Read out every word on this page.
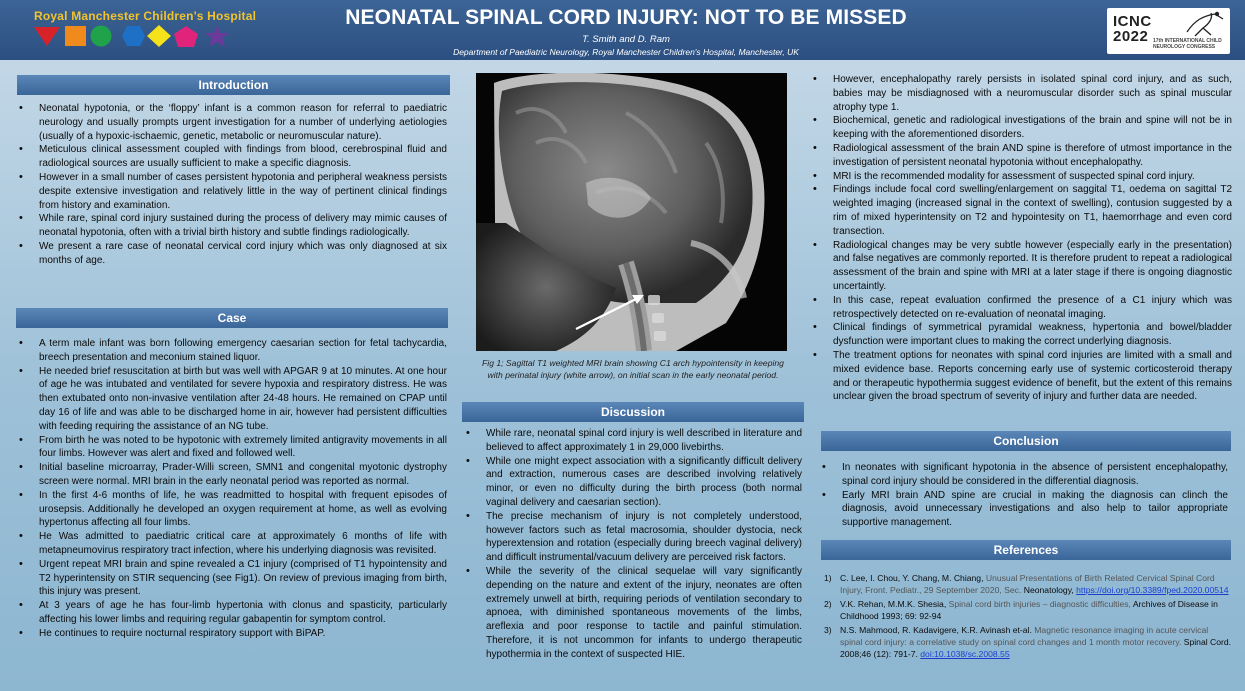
Royal Manchester Children's Hospital	NEONATAL SPINAL CORD INJURY: NOT TO BE MISSED
T. Smith and D. Ram
Department of Paediatric Neurology, Royal Manchester Children's Hospital, Manchester, UK
ICNC
2022 17th INTERNATIONAL CHILD NEUROLOGY CONGRESS
Introduction
• Neonatal hypotonia, or the ‘floppy’ infant is a common reason for referral to paediatric neurology and usually prompts urgent investigation for a number of underlying aetiologies (usually of a hypoxic-ischaemic, genetic, metabolic or neuromuscular nature).
• Meticulous clinical assessment coupled with findings from blood, cerebrospinal fluid and radiological sources are usually sufficient to make a specific diagnosis.
• However in a small number of cases persistent hypotonia and peripheral weakness persists despite extensive investigation and relatively little in the way of pertinent clinical findings from history and examination.
• While rare, spinal cord injury sustained during the process of delivery may mimic causes of neonatal hypotonia, often with a trivial birth history and subtle findings radiologically.
• We present a rare case of neonatal cervical cord injury which was only diagnosed at six months of age.
Case
• A term male infant was born following emergency caesarian section for fetal tachycardia, breech presentation and meconium stained liquor.
• He needed brief resuscitation at birth but was well with APGAR 9 at 10 minutes. At one hour of age he was intubated and ventilated for severe hypoxia and respiratory distress. He was then extubated onto non-invasive ventilation after 24-48 hours. He remained on CPAP until day 16 of life and was able to be discharged home in air, however had persistent difficulties with feeding requiring the assistance of an NG tube.
• From birth he was noted to be hypotonic with extremely limited antigravity movements in all four limbs. However was alert and fixed and followed well.
• Initial baseline microarray, Prader-Willi screen, SMN1 and congenital myotonic dystrophy screen were normal. MRI brain in the early neonatal period was reported as normal.
• In the first 4-6 months of life, he was readmitted to hospital with frequent episodes of urosepsis. Additionally he developed an oxygen requirement at home, as well as evolving hypertonus affecting all four limbs.
• He Was admitted to paediatric critical care at approximately 6 months of life with metapneumovirus respiratory tract infection, where his underlying diagnosis was revisited.
• Urgent repeat MRI brain and spine revealed a C1 injury (comprised of T1 hypointensity and T2 hyperintensity on STIR sequencing (see Fig1). On review of previous imaging from birth, this injury was present.
• At 3 years of age he has four-limb hypertonia with clonus and spasticity, particularly affecting his lower limbs and requiring regular gabapentin for symptom control.
• He continues to require nocturnal respiratory support with BiPAP.
Fig 1; Sagittal T1 weighted MRI brain showing C1 arch hypointensity in keeping with perinatal injury (white arrow), on initial scan in the early neonatal period.
Discussion
• While rare, neonatal spinal cord injury is well described in literature and believed to affect approximately 1 in 29,000 livebirths.
• While one might expect association with a significantly difficult delivery and extraction, numerous cases are described involving relatively minor, or even no difficulty during the birth process (both normal vaginal delivery and caesarian section).
• The precise mechanism of injury is not completely understood, however factors such as fetal macrosomia, shoulder dystocia, neck hyperextension and rotation (especially during breech vaginal delivery) and difficult instrumental/vacuum delivery are perceived risk factors.
• While the severity of the clinical sequelae will vary significantly depending on the nature and extent of the injury, neonates are often extremely unwell at birth, requiring periods of ventilation secondary to apnoea, with diminished spontaneous movements of the limbs, areflexia and poor response to tactile and painful stimulation. Therefore, it is not uncommon for infants to undergo therapeutic hypothermia in the context of suspected HIE.
• However, encephalopathy rarely persists in isolated spinal cord injury, and as such, babies may be misdiagnosed with a neuromuscular disorder such as spinal muscular atrophy type 1.
• Biochemical, genetic and radiological investigations of the brain and spine will not be in keeping with the aforementioned disorders.
• Radiological assessment of the brain AND spine is therefore of utmost importance in the investigation of persistent neonatal hypotonia without encephalopathy.
• MRI is the recommended modality for assessment of suspected spinal cord injury.
• Findings include focal cord swelling/enlargement on saggital T1, oedema on sagittal T2 weighted imaging (increased signal in the context of swelling), contusion suggested by a rim of mixed hyperintensity on T2 and hypointesity on T1, haemorrhage and even cord transection.
• Radiological changes may be very subtle however (especially early in the presentation) and false negatives are commonly reported. It is therefore prudent to repeat a radiological assessment of the brain and spine with MRI at a later stage if there is ongoing diagnostic uncertaintly.
• In this case, repeat evaluation confirmed the presence of a C1 injury which was retrospectively detected on re-evaluation of neonatal imaging.
• Clinical findings of symmetrical pyramidal weakness, hypertonia and bowel/bladder dysfunction were important clues to making the correct underlying diagnosis.
• The treatment options for neonates with spinal cord injuries are limited with a small and mixed evidence base. Reports concerning early use of systemic corticosteroid therapy and or therapeutic hypothermia suggest evidence of benefit, but the extent of this remains unclear given the broad spectrum of severity of injury and further data are needed.
Conclusion
• In neonates with significant hypotonia in the absence of persistent encephalopathy, spinal cord injury should be considered in the differential diagnosis.
• Early MRI brain AND spine are crucial in making the diagnosis can clinch the diagnosis, avoid unnecessary investigations and also help to tailor appropriate supportive management.
References
1) C. Lee, I. Chou, Y. Chang, M. Chiang, Unusual Presentations of Birth Related Cervical Spinal Cord Injury, Front. Pediatr., 29 September 2020, Sec. Neonatology, https://doi.org/10.3389/fped.2020.00514
2) V.K. Rehan, M.M.K. Shesia, Spinal cord birth injuries – diagnostic difficulties, Archives of Disease in Childhood 1993; 69: 92-94
3) N.S. Mahmood, R. Kadavigere, K.R. Avinash et-al. Magnetic resonance imaging in acute cervical spinal cord injury: a correlative study on spinal cord changes and 1 month motor recovery. Spinal Cord. 2008;46 (12): 791-7. doi:10.1038/sc.2008.55
